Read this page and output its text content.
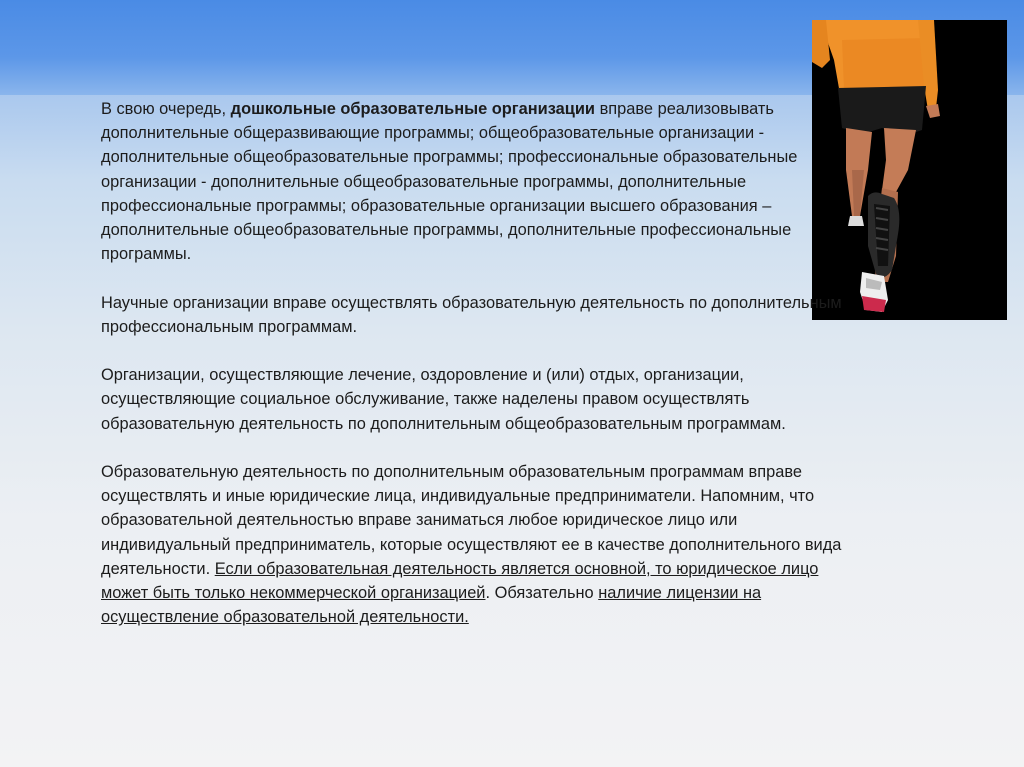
В свою очередь, дошкольные образовательные организации вправе реализовывать дополнительные общеразвивающие программы; общеобразовательные организации - дополнительные общеобразовательные программы; профессиональные образовательные организации - дополнительные общеобразовательные программы, дополнительные профессиональные программы; образовательные организации высшего образования – дополнительные общеобразовательные программы, дополнительные профессиональные программы.

Научные организации вправе осуществлять образовательную деятельность по дополнительным профессиональным программам.

Организации, осуществляющие лечение, оздоровление и (или) отдых, организации, осуществляющие социальное обслуживание, также наделены правом осуществлять образовательную деятельность по дополнительным общеобразовательным программам.

Образовательную деятельность по дополнительным образовательным программам вправе осуществлять и иные юридические лица, индивидуальные предприниматели. Напомним, что образовательной деятельностью вправе заниматься любое юридическое лицо или индивидуальный предприниматель, которые осуществляют ее в качестве дополнительного вида деятельности. Если образовательная деятельность является основной, то юридическое лицо может быть только некоммерческой организацией. Обязательно наличие лицензии на осуществление образовательной деятельности.
